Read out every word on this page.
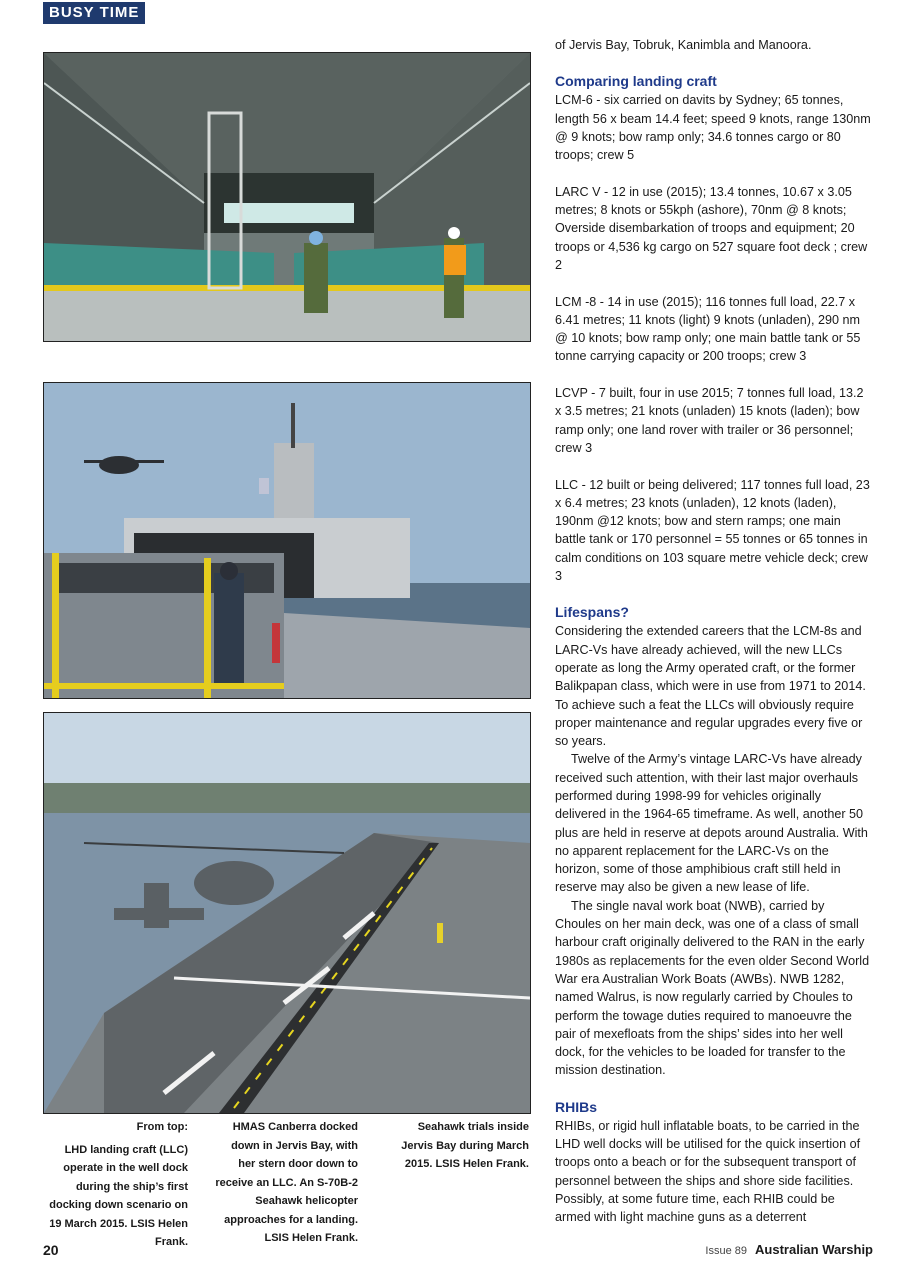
BUSY TIME
From top:
LHD landing craft (LLC) operate in the well dock during the ship’s first docking down scenario on 19 March 2015. LSIS Helen Frank.
HMAS Canberra docked down in Jervis Bay, with her stern door down to receive an LLC. An S-70B-2 Seahawk helicopter approaches for a landing. LSIS Helen Frank.
Seahawk trials inside Jervis Bay during March 2015. LSIS Helen Frank.

of Jervis Bay, Tobruk, Kanimbla and Manoora.

Comparing landing craft

LCM-6 - six carried on davits by Sydney; 65 tonnes, length 56 x beam 14.4 feet; speed 9 knots, range 130nm @ 9 knots; bow ramp only; 34.6 tonnes cargo or 80 troops; crew 5

LARC V - 12 in use (2015); 13.4 tonnes, 10.67 x 3.05 metres; 8 knots or 55kph (ashore), 70nm @ 8 knots; Overside disembarkation of troops and equipment; 20 troops or 4,536 kg cargo on 527 square foot deck ; crew 2

LCM -8 - 14 in use (2015); 116 tonnes full load, 22.7 x 6.41 metres; 11 knots (light) 9 knots (unladen), 290 nm @ 10 knots; bow ramp only; one main battle tank or 55 tonne carrying capacity or 200 troops; crew 3

LCVP - 7 built, four in use 2015; 7 tonnes full load, 13.2 x 3.5 metres; 21 knots (unladen) 15 knots (laden); bow ramp only; one land rover with trailer or 36 personnel; crew 3

LLC - 12 built or being delivered; 117 tonnes full load, 23 x 6.4 metres; 23 knots (unladen), 12 knots (laden), 190nm @12 knots; bow and stern ramps; one main battle tank or 170 personnel = 55 tonnes or 65 tonnes in calm conditions on 103 square metre vehicle deck; crew 3

Lifespans?

Considering the extended careers that the LCM-8s and LARC-Vs have already achieved, will the new LLCs operate as long the Army operated craft, or the former Balikpapan class, which were in use from 1971 to 2014. To achieve such a feat the LLCs will obviously require proper maintenance and regular upgrades every five or so years.

Twelve of the Army’s vintage LARC-Vs have already received such attention, with their last major overhauls performed during 1998-99 for vehicles originally delivered in the 1964-65 timeframe. As well, another 50 plus are held in reserve at depots around Australia. With no apparent replacement for the LARC-Vs on the horizon, some of those amphibious craft still held in reserve may also be given a new lease of life.

The single naval work boat (NWB), carried by Choules on her main deck, was one of a class of small harbour craft originally delivered to the RAN in the early 1980s as replacements for the even older Second World War era Australian Work Boats (AWBs). NWB 1282, named Walrus, is now regularly carried by Choules to perform the towage duties required to manoeuvre the pair of mexefloats from the ships’ sides into her well dock, for the vehicles to be loaded for transfer to the mission destination.

RHIBs

RHIBs, or rigid hull inflatable boats, to be carried in the LHD well docks will be utilised for the quick insertion of troops onto a beach or for the subsequent transport of personnel between the ships and shore side facilities. Possibly, at some future time, each RHIB could be armed with light machine guns as a deterrent

20	Issue 89 Australian Warship
